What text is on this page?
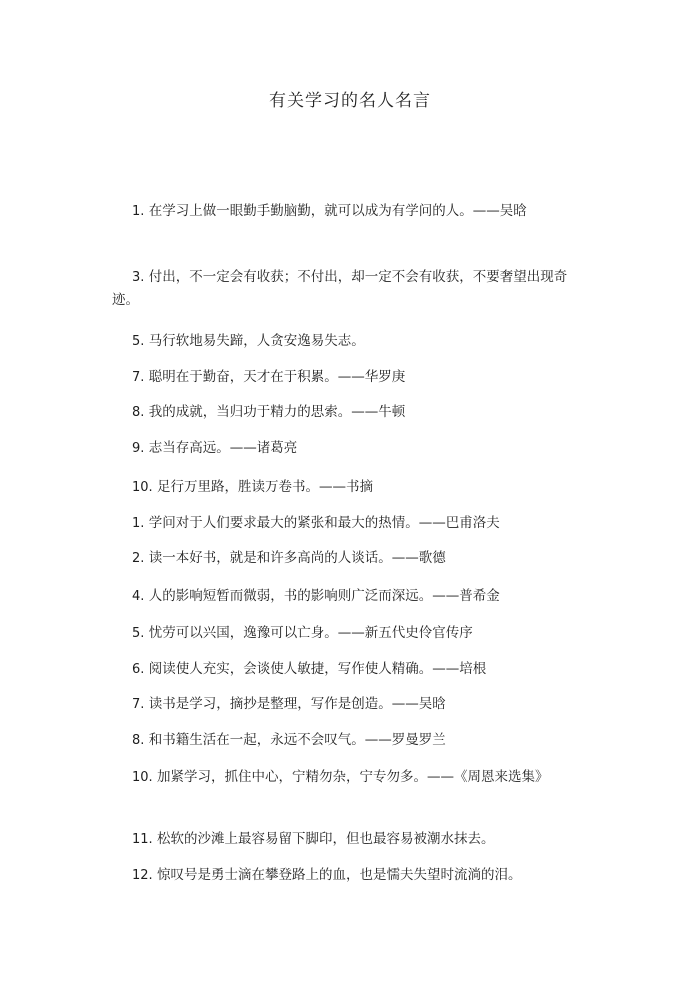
有关学习的名人名言

1. 在学习上做一眼勤手勤脑勤，就可以成为有学问的人。——吴晗

3. 付出，不一定会有收获；不付出，却一定不会有收获，不要奢望出现奇迹。

5. 马行软地易失蹄，人贪安逸易失志。

7. 聪明在于勤奋，天才在于积累。——华罗庚

8. 我的成就，当归功于精力的思索。——牛顿

9. 志当存高远。——诸葛亮

10. 足行万里路，胜读万卷书。——书摘

1. 学问对于人们要求最大的紧张和最大的热情。——巴甫洛夫

2. 读一本好书，就是和许多高尚的人谈话。——歌德

4. 人的影响短暂而微弱，书的影响则广泛而深远。——普希金

5. 忧劳可以兴国，逸豫可以亡身。——新五代史伶官传序

6. 阅读使人充实，会谈使人敏捷，写作使人精确。——培根

7. 读书是学习，摘抄是整理，写作是创造。——吴晗

8. 和书籍生活在一起，永远不会叹气。——罗曼罗兰

10. 加紧学习，抓住中心，宁精勿杂，宁专勿多。——《周恩来选集》

11. 松软的沙滩上最容易留下脚印，但也最容易被潮水抹去。

12. 惊叹号是勇士滴在攀登路上的血，也是懦夫失望时流淌的泪。
